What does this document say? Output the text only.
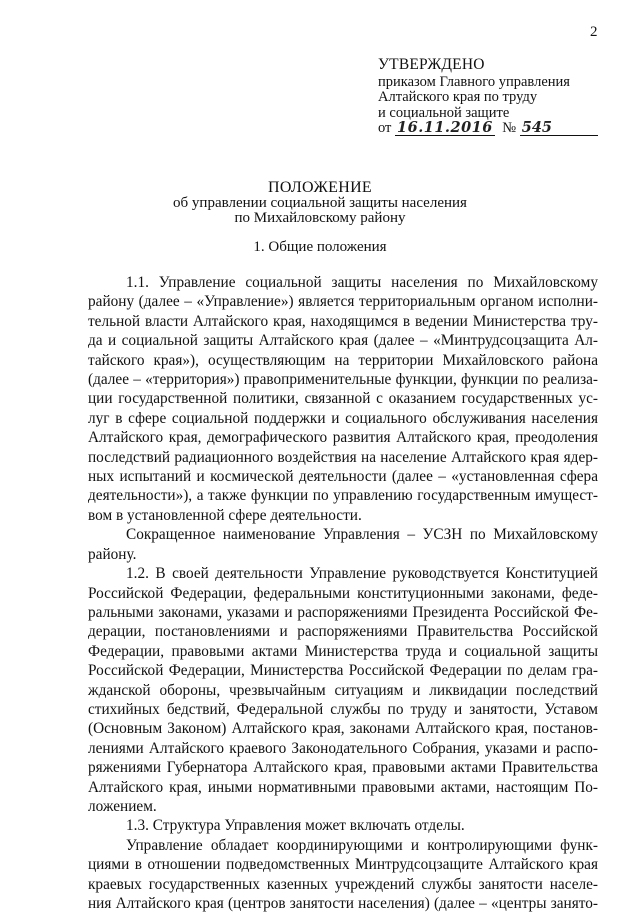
2
УТВЕРЖДЕНО
приказом Главного управления
Алтайского края по труду
и социальной защите
от 16.11.2016 № 545
ПОЛОЖЕНИЕ
об управлении социальной защиты населения
по Михайловскому району
1. Общие положения

1.1. Управление социальной защиты населения по Михайловскому

району (далее – «Управление») является территориальным органом исполни-

тельной власти Алтайского края, находящимся в ведении Министерства тру-

да и социальной защиты Алтайского края (далее – «Минтрудсоцзащита Ал-

тайского края»), осуществляющим на территории Михайловского района

(далее – «территория») правоприменительные функции, функции по реализа-

ции государственной политики, связанной с оказанием государственных ус-

луг в сфере социальной поддержки и социального обслуживания населения

Алтайского края, демографического развития Алтайского края, преодоления

последствий радиационного воздействия на население Алтайского края ядер-

ных испытаний и космической деятельности (далее – «установленная сфера

деятельности»), а также функции по управлению государственным имущест-

вом в установленной сфере деятельности.

Сокращенное наименование Управления – УСЗН по Михайловскому

району.

1.2. В своей деятельности Управление руководствуется Конституцией

Российской Федерации, федеральными конституционными законами, феде-

ральными законами, указами и распоряжениями Президента Российской Фе-

дерации, постановлениями и распоряжениями Правительства Российской

Федерации, правовыми актами Министерства труда и социальной защиты

Российской Федерации, Министерства Российской Федерации по делам гра-

жданской обороны, чрезвычайным ситуациям и ликвидации последствий

стихийных бедствий, Федеральной службы по труду и занятости, Уставом

(Основным Законом) Алтайского края, законами Алтайского края, постанов-

лениями Алтайского краевого Законодательного Собрания, указами и распо-

ряжениями Губернатора Алтайского края, правовыми актами Правительства

Алтайского края, иными нормативными правовыми актами, настоящим По-

ложением.

1.3. Структура Управления может включать отделы.

Управление обладает координирующими и контролирующими функ-

циями в отношении подведомственных Минтрудсоцзащите Алтайского края

краевых государственных казенных учреждений службы занятости населе-

ния Алтайского края (центров занятости населения) (далее – «центры занято-
